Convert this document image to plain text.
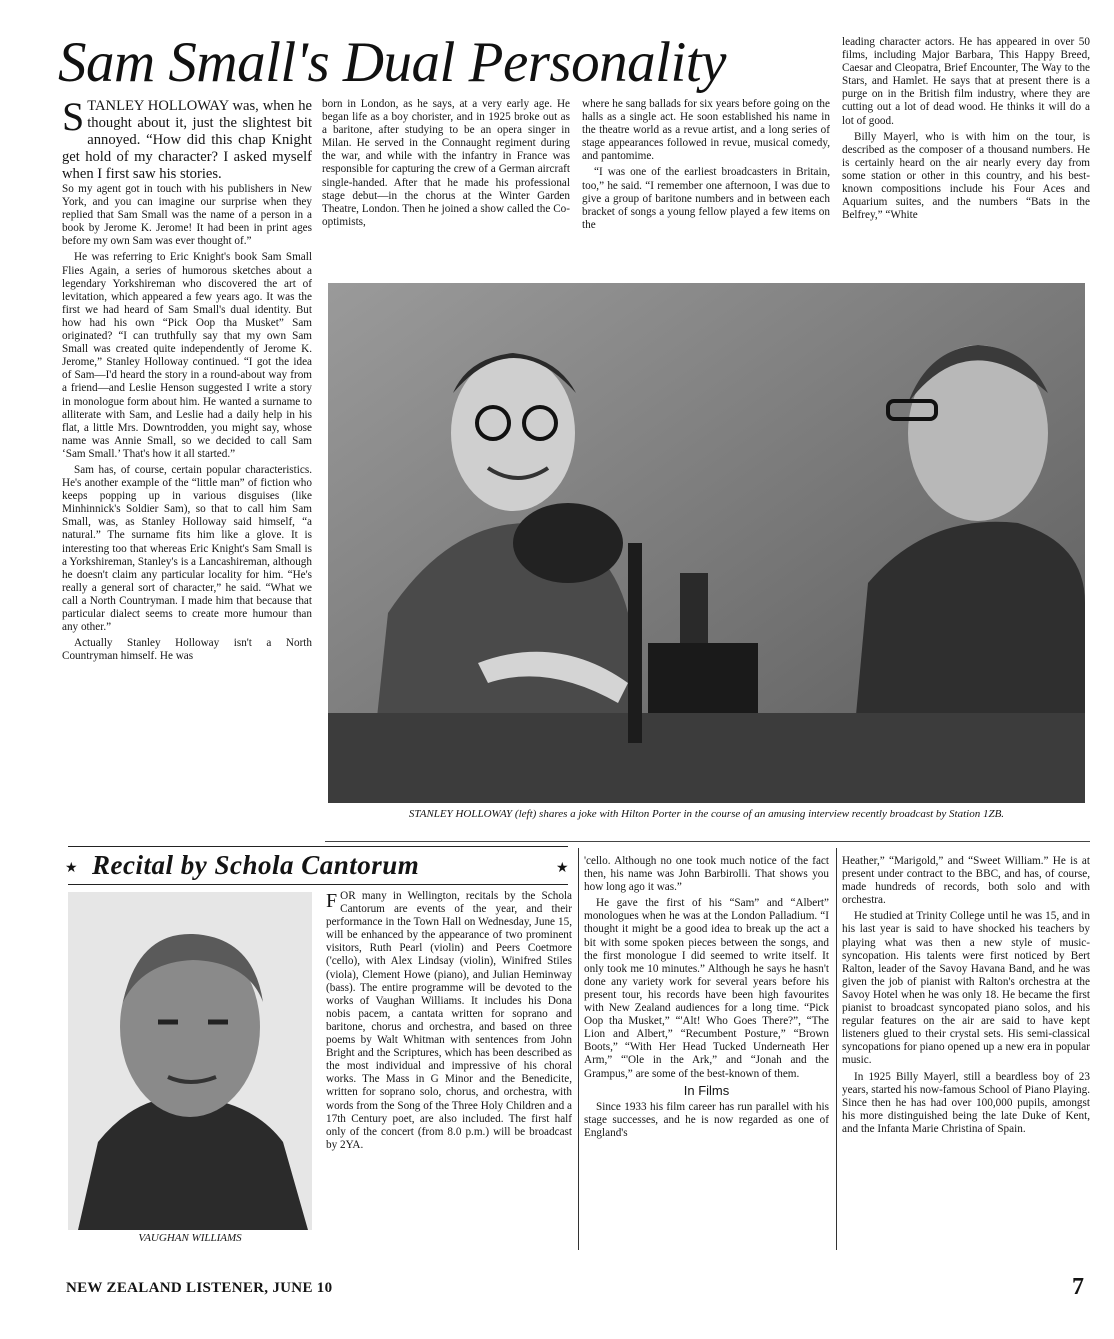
Sam Small's Dual Personality
STANLEY HOLLOWAY was, when he thought about it, just the slightest bit annoyed. “How did this chap Knight get hold of my character? I asked myself when I first saw his stories.

So my agent got in touch with his publishers in New York, and you can imagine our surprise when they replied that Sam Small was the name of a person in a book by Jerome K. Jerome! It had been in print ages before my own Sam was ever thought of.”

He was referring to Eric Knight's book Sam Small Flies Again, a series of humorous sketches about a legendary Yorkshireman who discovered the art of levitation, which appeared a few years ago. It was the first we had heard of Sam Small's dual identity. But how had his own “Pick Oop tha Musket” Sam originated? “I can truthfully say that my own Sam Small was created quite independently of Jerome K. Jerome,” Stanley Holloway continued. “I got the idea of Sam—I'd heard the story in a round-about way from a friend—and Leslie Henson suggested I write a story in monologue form about him. He wanted a surname to alliterate with Sam, and Leslie had a daily help in his flat, a little Mrs. Downtrodden, you might say, whose name was Annie Small, so we decided to call Sam ‘Sam Small.’ That's how it all started.”

Sam has, of course, certain popular characteristics. He's another example of the “little man” of fiction who keeps popping up in various disguises (like Minhinnick's Soldier Sam), so that to call him Sam Small, was, as Stanley Holloway said himself, “a natural.” The surname fits him like a glove. It is interesting too that whereas Eric Knight's Sam Small is a Yorkshireman, Stanley's is a Lancashireman, although he doesn't claim any particular locality for him. “He's really a general sort of character,” he said. “What we call a North Countryman. I made him that because that particular dialect seems to create more humour than any other.”

Actually Stanley Holloway isn't a North Countryman himself. He was

born in London, as he says, at a very early age. He began life as a boy chorister, and in 1925 broke out as a baritone, after studying to be an opera singer in Milan. He served in the Connaught regiment during the war, and while with the infantry in France was responsible for capturing the crew of a German aircraft single-handed. After that he made his professional stage debut—in the chorus at the Winter Garden Theatre, London. Then he joined a show called the Co-optimists,

where he sang ballads for six years before going on the halls as a single act. He soon established his name in the theatre world as a revue artist, and a long series of stage appearances followed in revue, musical comedy, and pantomime.

“I was one of the earliest broadcasters in Britain, too,” he said. “I remember one afternoon, I was due to give a group of baritone numbers and in between each bracket of songs a young fellow played a few items on the

leading character actors. He has appeared in over 50 films, including Major Barbara, This Happy Breed, Caesar and Cleopatra, Brief Encounter, The Way to the Stars, and Hamlet. He says that at present there is a purge on in the British film industry, where they are cutting out a lot of dead wood. He thinks it will do a lot of good.

Billy Mayerl, who is with him on the tour, is described as the composer of a thousand numbers. He is certainly heard on the air nearly every day from some station or other in this country, and his best-known compositions include his Four Aces and Aquarium suites, and the numbers “Bats in the Belfrey,” “White

STANLEY HOLLOWAY (left) shares a joke with Hilton Porter in the course of an amusing interview recently broadcast by Station 1ZB.
★	★
Recital by Schola Cantorum
VAUGHAN WILLIAMS

FOR many in Wellington, recitals by the Schola Cantorum are events of the year, and their performance in the Town Hall on Wednesday, June 15, will be enhanced by the appearance of two prominent visitors, Ruth Pearl (violin) and Peers Coetmore ('cello), with Alex Lindsay (violin), Winifred Stiles (viola), Clement Howe (piano), and Julian Heminway (bass). The entire programme will be devoted to the works of Vaughan Williams. It includes his Dona nobis pacem, a cantata written for soprano and baritone, chorus and orchestra, and based on three poems by Walt Whitman with sentences from John Bright and the Scriptures, which has been described as the most individual and impressive of his choral works. The Mass in G Minor and the Benedicite, written for soprano solo, chorus, and orchestra, with words from the Song of the Three Holy Children and a 17th Century poet, are also included. The first half only of the concert (from 8.0 p.m.) will be broadcast by 2YA.

'cello. Although no one took much notice of the fact then, his name was John Barbirolli. That shows you how long ago it was.”

He gave the first of his “Sam” and “Albert” monologues when he was at the London Palladium. “I thought it might be a good idea to break up the act a bit with some spoken pieces between the songs, and the first monologue I did seemed to write itself. It only took me 10 minutes.” Although he says he hasn't done any variety work for several years before his present tour, his records have been high favourites with New Zealand audiences for a long time. “Pick Oop tha Musket,” “'Alt! Who Goes There?”, “The Lion and Albert,” “Recumbent Posture,” “Brown Boots,” “With Her Head Tucked Underneath Her Arm,” “'Ole in the Ark,” and “Jonah and the Grampus,” are some of the best-known of them.

In Films

Since 1933 his film career has run parallel with his stage successes, and he is now regarded as one of England's

Heather,” “Marigold,” and “Sweet William.” He is at present under contract to the BBC, and has, of course, made hundreds of records, both solo and with orchestra.

He studied at Trinity College until he was 15, and in his last year is said to have shocked his teachers by playing what was then a new style of music-syncopation. His talents were first noticed by Bert Ralton, leader of the Savoy Havana Band, and he was given the job of pianist with Ralton's orchestra at the Savoy Hotel when he was only 18. He became the first pianist to broadcast syncopated piano solos, and his regular features on the air are said to have kept listeners glued to their crystal sets. His semi-classical syncopations for piano opened up a new era in popular music.

In 1925 Billy Mayerl, still a beardless boy of 23 years, started his now-famous School of Piano Playing. Since then he has had over 100,000 pupils, amongst his more distinguished being the late Duke of Kent, and the Infanta Marie Christina of Spain.

NEW ZEALAND LISTENER, JUNE 10	7
